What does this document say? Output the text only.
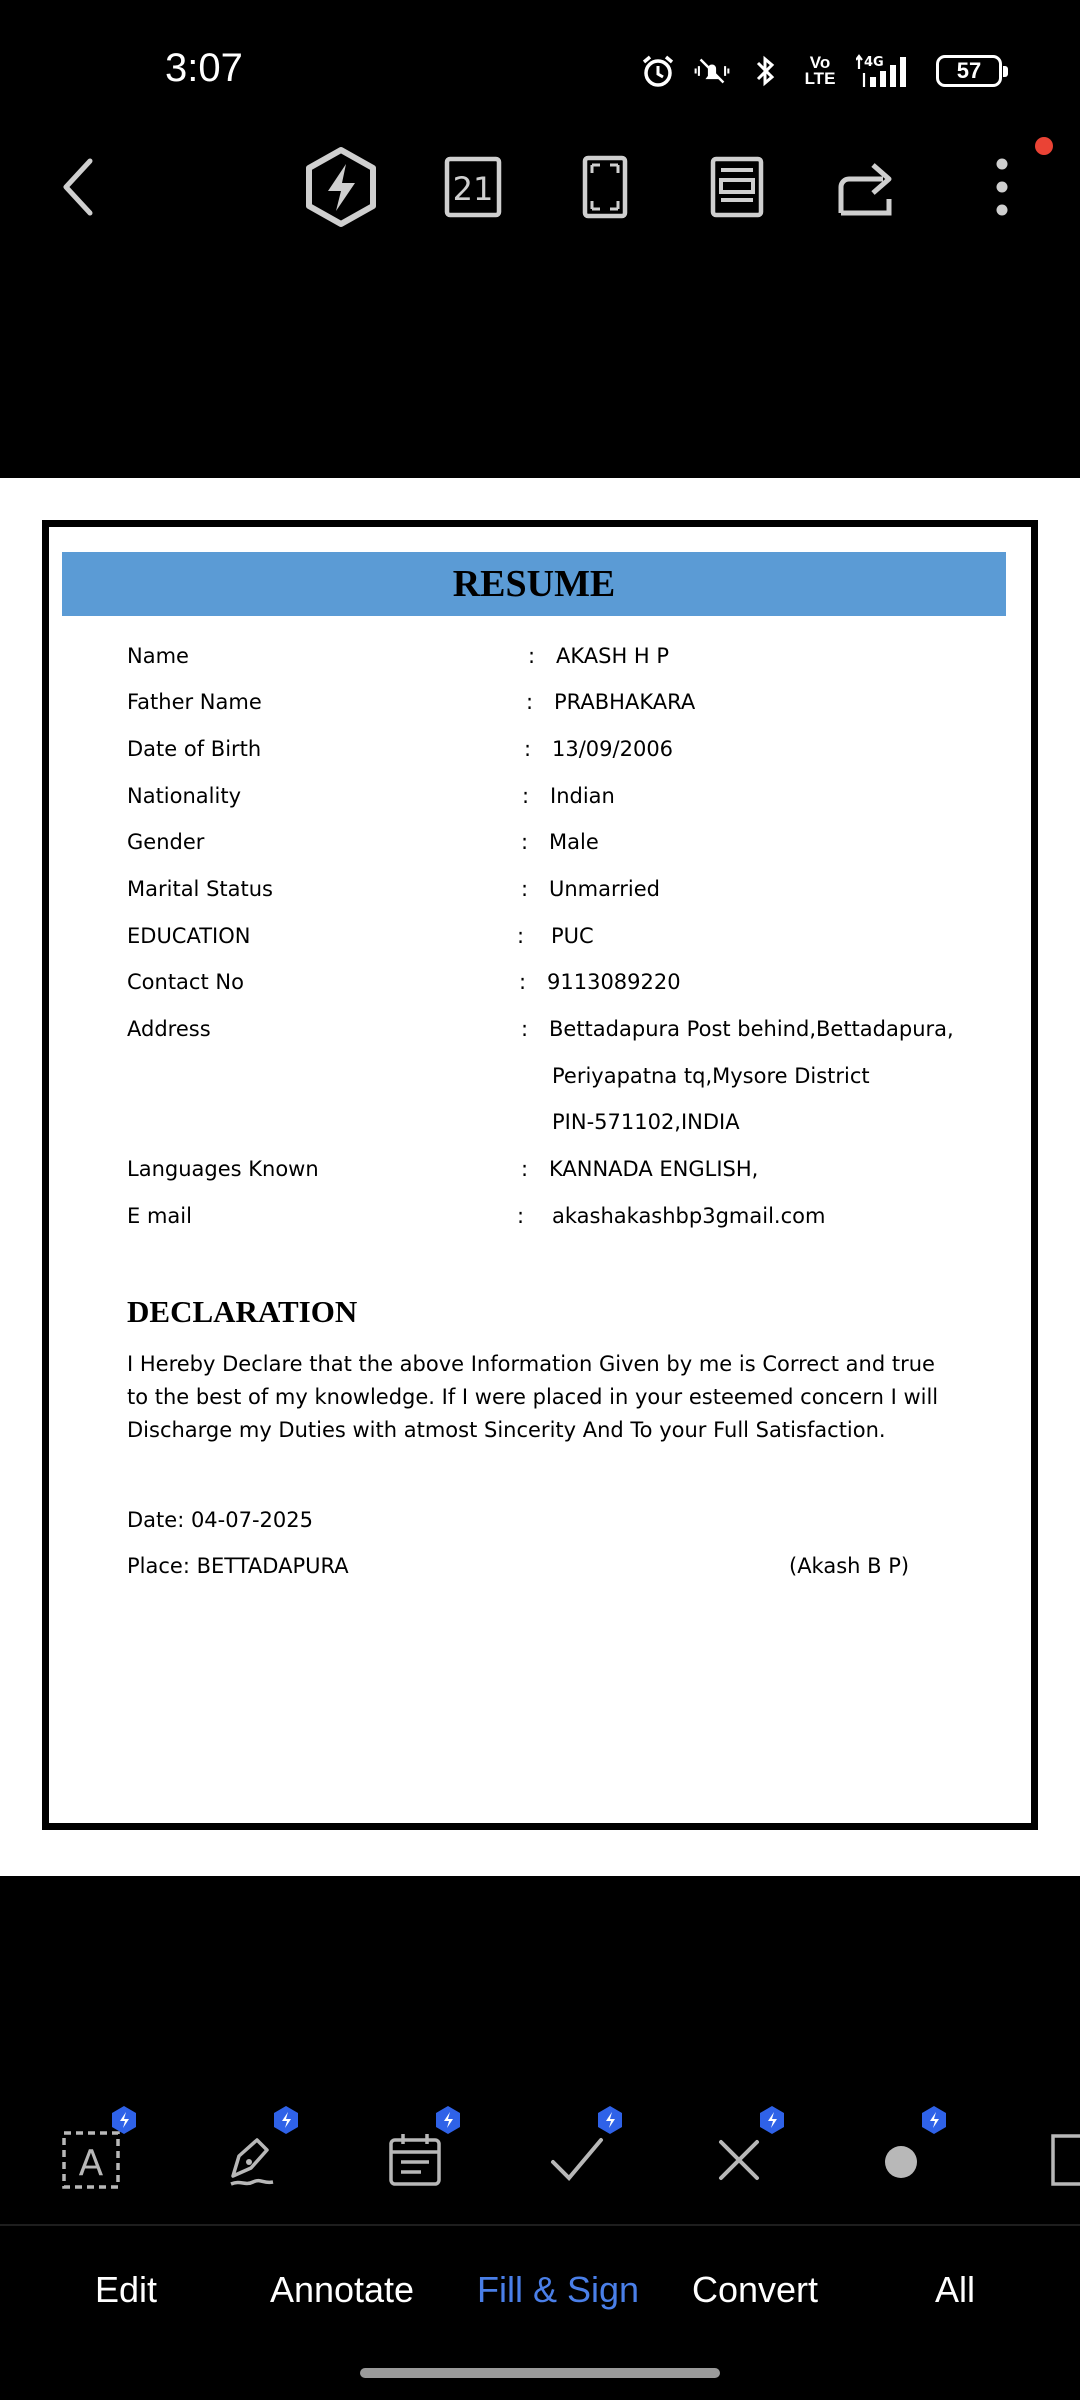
3:07	Vo
LTE
4G	57
21
RESUME
Name	: AKASH H P
Father Name	: PRABHAKARA
Date of Birth	: 13/09/2006
Nationality	: Indian
Gender	: Male
Marital Status	: Unmarried
EDUCATION	: PUC
Contact No	: 9113089220
Address	: Bettadapura Post behind,Bettadapura,
Periyapatna tq,Mysore District
PIN-571102,INDIA
Languages Known	: KANNADA ENGLISH,
E mail	: akashakashbp3gmail.com
DECLARATION
I Hereby Declare that the above Information Given by me is Correct and true to the best of my knowledge. If I were placed in your esteemed concern I will Discharge my Duties with atmost Sincerity And To your Full Satisfaction.
Date: 04-07-2025
Place: BETTADAPURA	(Akash B P)
A
Edit	Annotate	Fill & Sign	Convert	All
